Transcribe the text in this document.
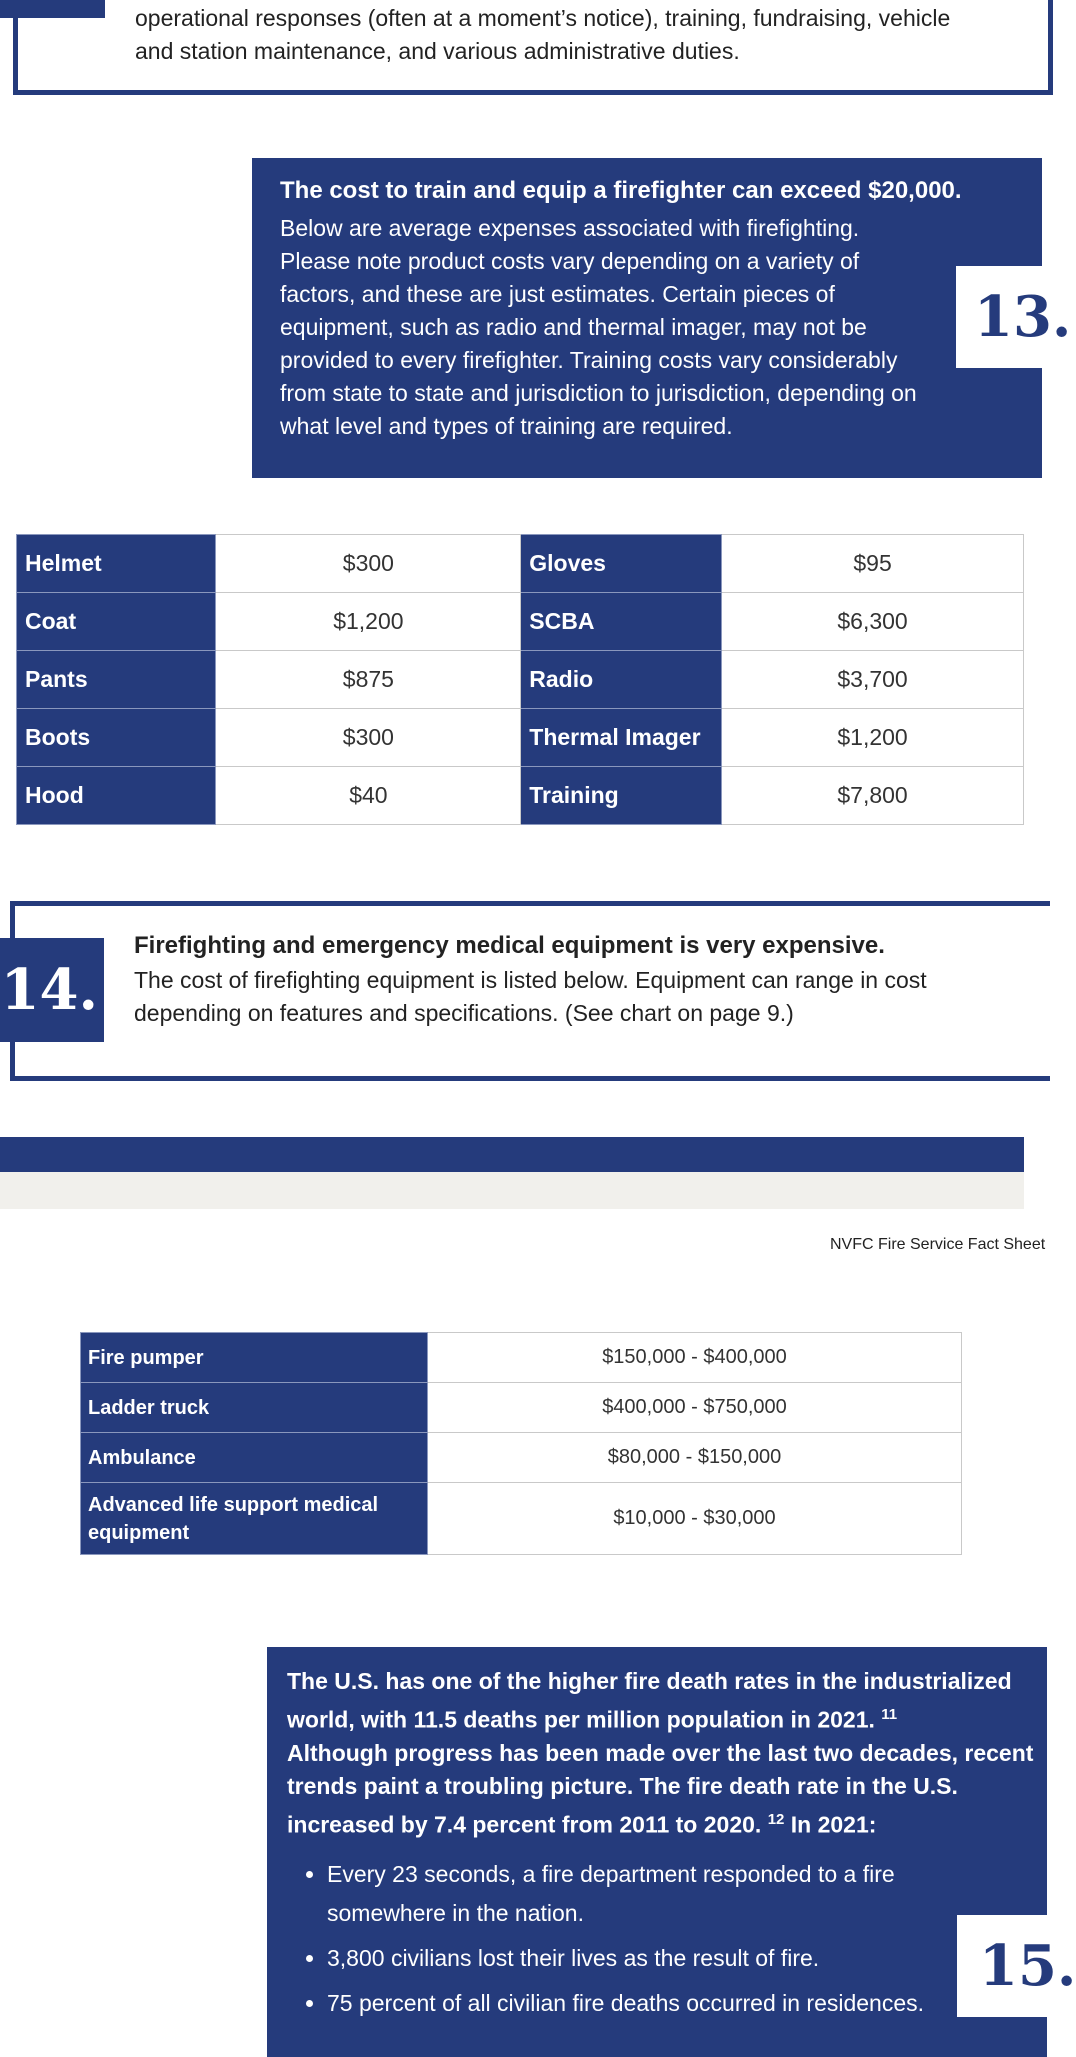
operational responses (often at a moment’s notice), training, fundraising, vehicle and station maintenance, and various administrative duties.
The cost to train and equip a firefighter can exceed $20,000.
Below are average expenses associated with firefighting. Please note product costs vary depending on a variety of factors, and these are just estimates. Certain pieces of equipment, such as radio and thermal imager, may not be provided to every firefighter. Training costs vary considerably from state to state and jurisdiction to jurisdiction, depending on what level and types of training are required.
13.
Helmet	$300	Gloves	$95
Coat	$1,200	SCBA	$6,300
Pants	$875	Radio	$3,700
Boots	$300	Thermal Imager	$1,200
Hood	$40	Training	$7,800
14.
Firefighting and emergency medical equipment is very expensive.
The cost of firefighting equipment is listed below. Equipment can range in cost depending on features and specifications. (See chart on page 9.)
NVFC Fire Service Fact Sheet
Fire pumper	$150,000 - $400,000
Ladder truck	$400,000 - $750,000
Ambulance	$80,000 - $150,000
Advanced life support medical equipment	$10,000 - $30,000
The U.S. has one of the higher fire death rates in the industrialized world, with 11.5 deaths per million population in 2021. $^{11}$
Although progress has been made over the last two decades, recent trends paint a troubling picture. The fire death rate in the U.S. increased by 7.4 percent from 2011 to 2020. $^{12}$ In 2021:
• Every 23 seconds, a fire department responded to a fire somewhere in the nation.
• 3,800 civilians lost their lives as the result of fire.
• 75 percent of all civilian fire deaths occurred in residences.
15.
